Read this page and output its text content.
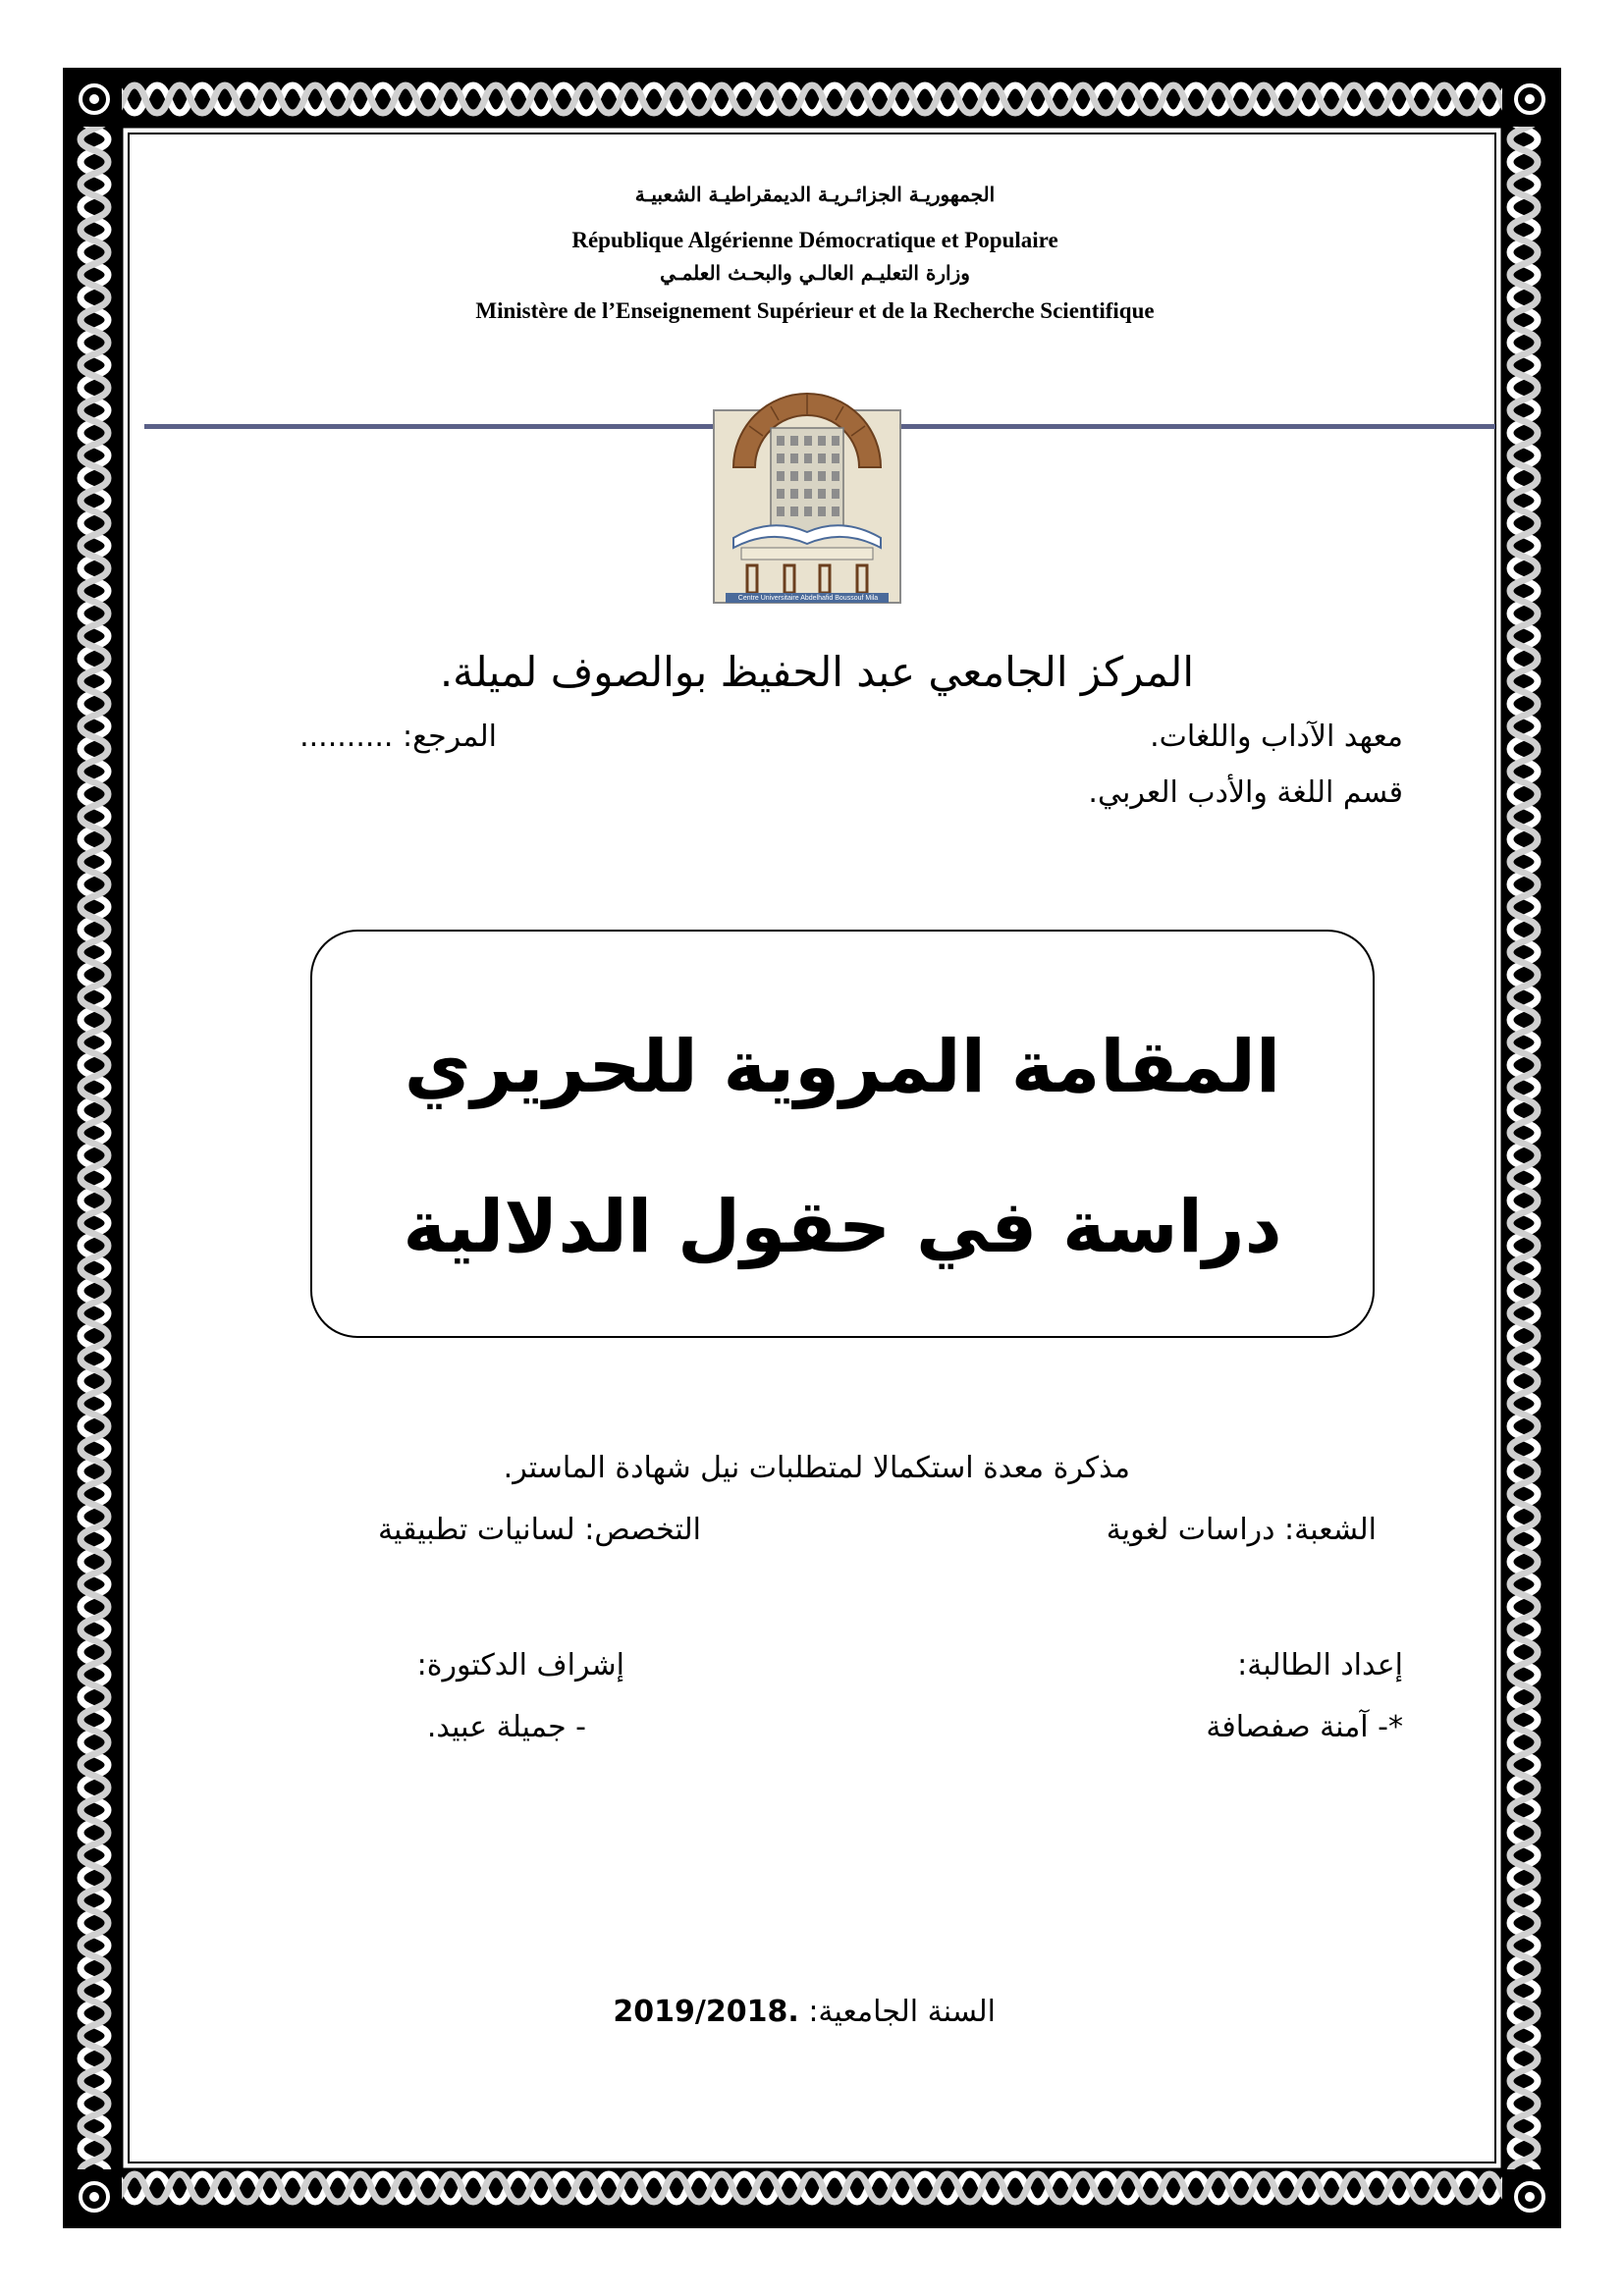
الجمهوريـة الجزائـريـة الديمقراطيـة الشعبيـة
République Algérienne Démocratique et Populaire
وزارة التعليـم العالـي والبحـث العلمـي
Ministère de l’Enseignement Supérieur et de la Recherche Scientifique
Centre Universitaire Abdelhafid Boussouf Mila
المركز الجامعي عبد الحفيظ بوالصوف لميلة.
معهد الآداب واللغات.
المرجع: ..........
قسم اللغة والأدب العربي.
المقامة المروية للحريري
دراسة في حقول الدلالية
مذكرة معدة استكمالا لمتطلبات نيل شهادة الماستر.
الشعبة: دراسات لغوية
التخصص: لسانيات تطبيقية
إعداد الطالبة:
إشراف الدكتورة:
*- آمنة صفصافة
- جميلة عبيد.
السنة الجامعية: 2019/2018.
